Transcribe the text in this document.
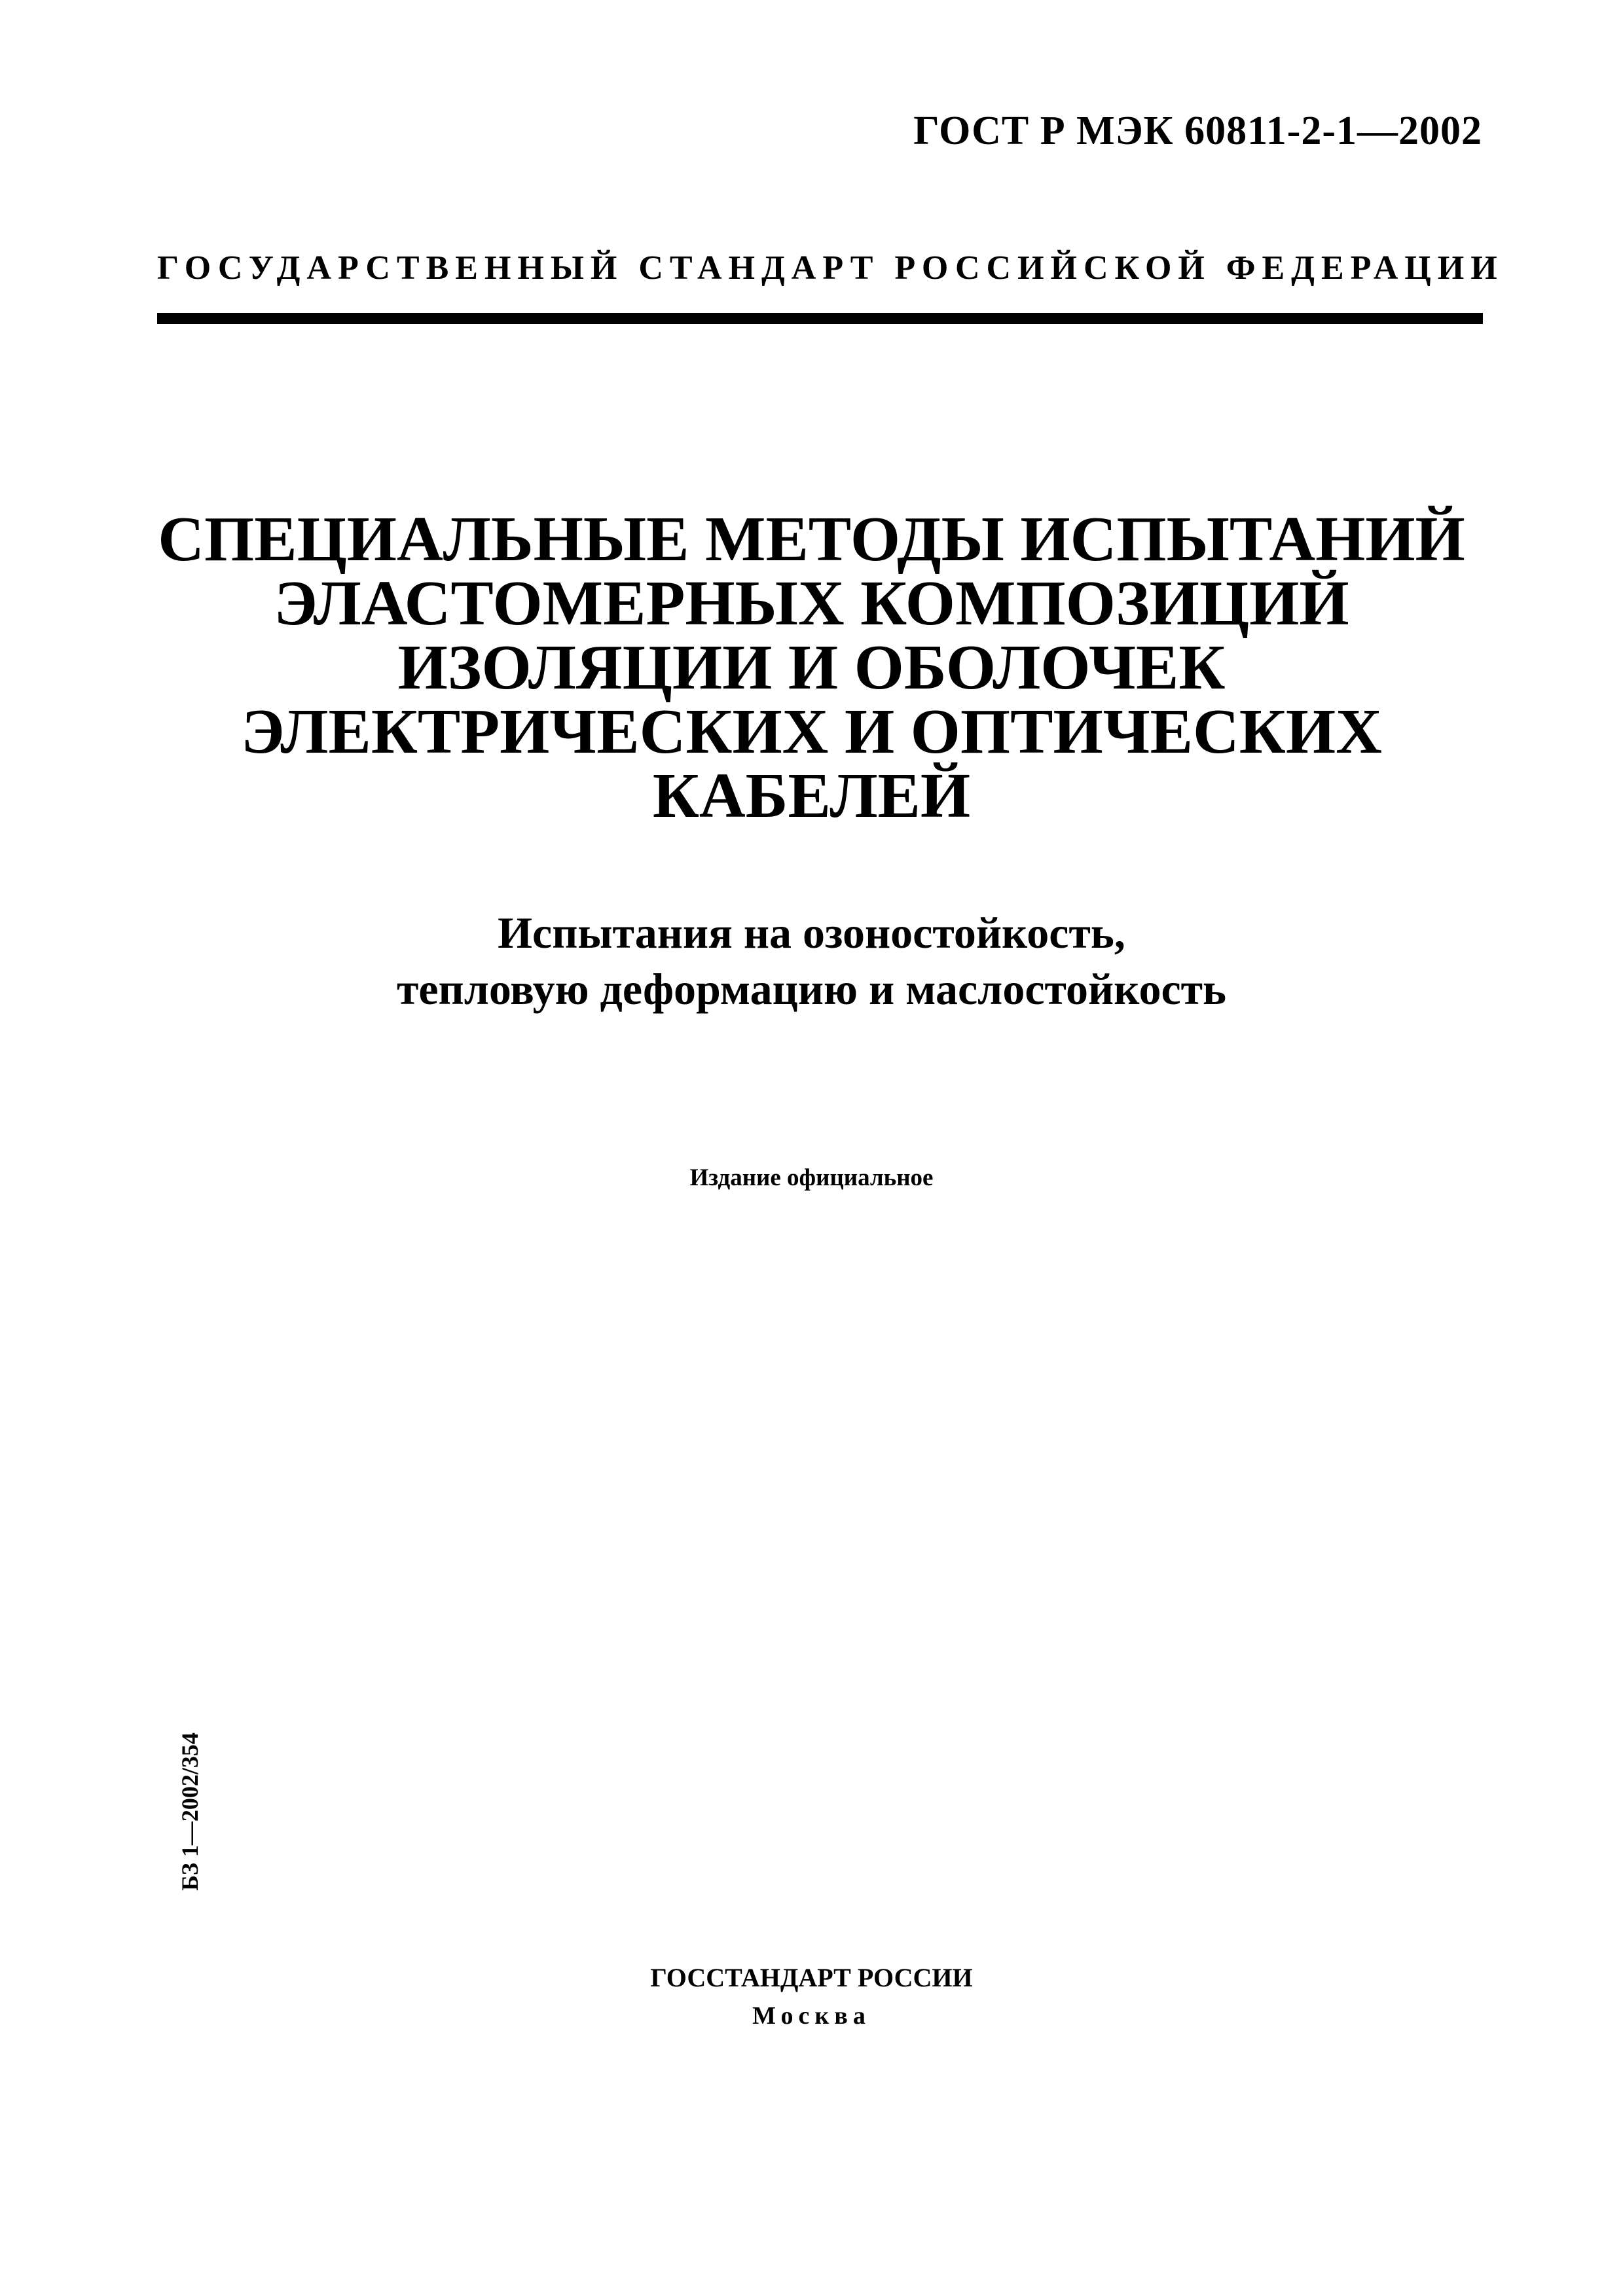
ГОСТ Р МЭК 60811-2-1—2002
ГОСУДАРСТВЕННЫЙ СТАНДАРТ РОССИЙСКОЙ ФЕДЕРАЦИИ
СПЕЦИАЛЬНЫЕ МЕТОДЫ ИСПЫТАНИЙ
ЭЛАСТОМЕРНЫХ КОМПОЗИЦИЙ
ИЗОЛЯЦИИ И ОБОЛОЧЕК
ЭЛЕКТРИЧЕСКИХ И ОПТИЧЕСКИХ
КАБЕЛЕЙ
Испытания на озоностойкость,
тепловую деформацию и маслостойкость
Издание официальное
БЗ 1—2002/354
ГОССТАНДАРТ РОССИИ
Москва
